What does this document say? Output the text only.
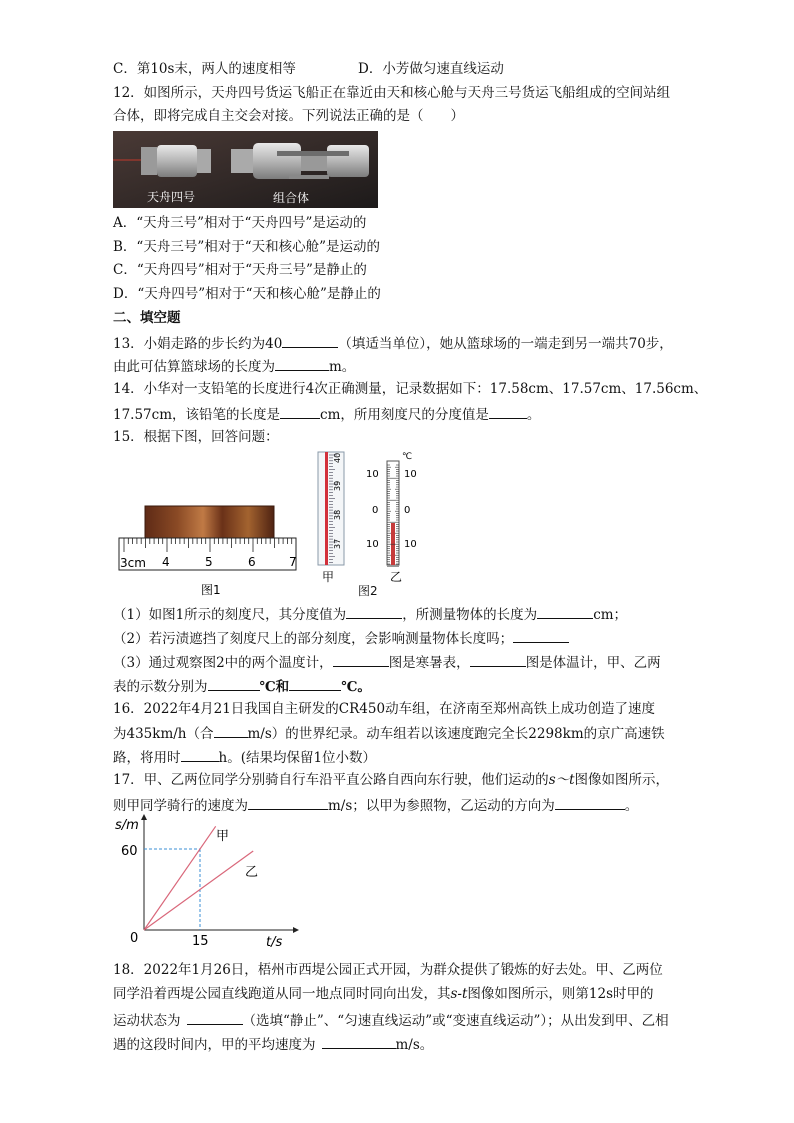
C．第10s末，两人的速度相等	D．小芳做匀速直线运动
12．如图所示，天舟四号货运飞船正在靠近由天和核心舱与天舟三号货运飞船组成的空间站组
合体，即将完成自主交会对接。下列说法正确的是（　　）
天舟四号	组合体
A．“天舟三号”相对于“天舟四号”是运动的
B．“天舟三号”相对于“天和核心舱”是运动的
C．“天舟四号”相对于“天舟三号”是静止的
D．“天舟四号”相对于“天和核心舱”是静止的
二、填空题
13．小娟走路的步长约为40	（填适当单位），她从篮球场的一端走到另一端共70步，
由此可估算篮球场的长度为	m。
14．小华对一支铅笔的长度进行4次正确测量，记录数据如下：17.58cm、17.57cm、17.56cm、
17.57cm，该铅笔的长度是	cm，所用刻度尺的分度值是	。
15．根据下图，回答问题：
3cm 4	5	6	7
图1
40
39
38
37
甲
℃
10
0
10
10
0
10
乙
图2
（1）如图1所示的刻度尺，其分度值为	，所测量物体的长度为	cm；
（2）若污渍遮挡了刻度尺上的部分刻度，会影响测量物体长度吗；
（3）通过观察图2中的两个温度计，	图是寒暑表，	图是体温计，甲、乙两
表的示数分别为	℃和	℃。
16．2022年4月21日我国自主研发的CR450动车组，在济南至郑州高铁上成功创造了速度
为435km/h（合	m/s）的世界纪录。动车组若以该速度跑完全长2298km的京广高速铁
路，将用时	h。(结果均保留1位小数）
17．甲、乙两位同学分别骑自行车沿平直公路自西向东行驶，他们运动的s～t图像如图所示，
则甲同学骑行的速度为	m/s；以甲为参照物，乙运动的方向为	。
s/m
t/s
60
0	15
甲
乙
18．2022年1月26日，梧州市西堤公园正式开园，为群众提供了锻炼的好去处。甲、乙两位
同学沿着西堤公园直线跑道从同一地点同时同向出发，其s-t图像如图所示，则第12s时甲的
运动状态为	（选填“静止”、“匀速直线运动”或“变速直线运动”）；从出发到甲、乙相
遇的这段时间内，甲的平均速度为	m/s。
